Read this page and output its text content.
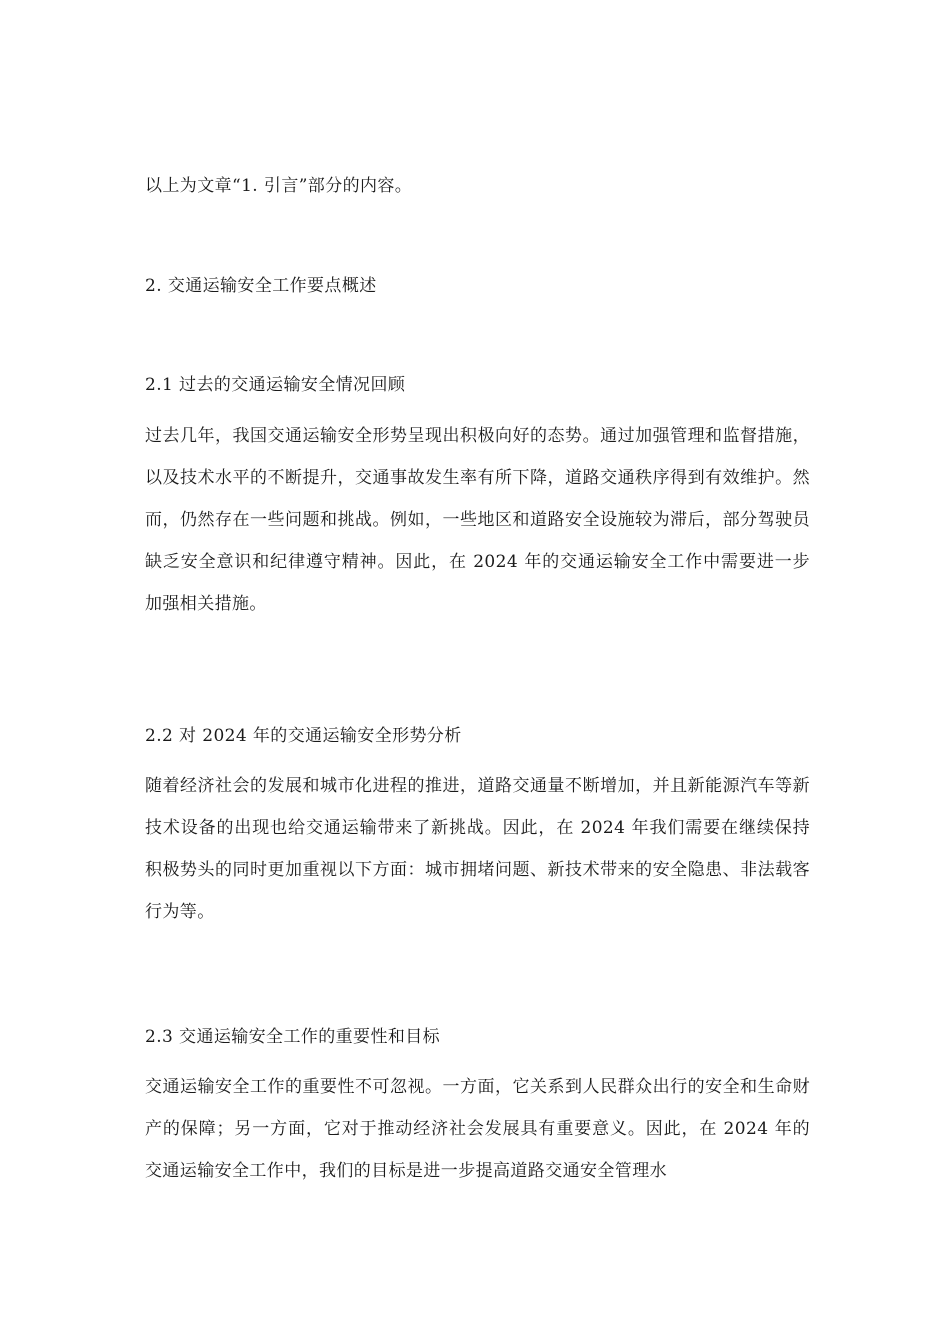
以上为文章“1. 引言”部分的内容。
2. 交通运输安全工作要点概述
2.1 过去的交通运输安全情况回顾
过去几年，我国交通运输安全形势呈现出积极向好的态势。通过加强管理和监督措施，以及技术水平的不断提升，交通事故发生率有所下降，道路交通秩序得到有效维护。然而，仍然存在一些问题和挑战。例如，一些地区和道路安全设施较为滞后，部分驾驶员缺乏安全意识和纪律遵守精神。因此，在 2024 年的交通运输安全工作中需要进一步加强相关措施。
2.2 对 2024 年的交通运输安全形势分析
随着经济社会的发展和城市化进程的推进，道路交通量不断增加，并且新能源汽车等新技术设备的出现也给交通运输带来了新挑战。因此，在 2024 年我们需要在继续保持积极势头的同时更加重视以下方面：城市拥堵问题、新技术带来的安全隐患、非法载客行为等。
2.3 交通运输安全工作的重要性和目标
交通运输安全工作的重要性不可忽视。一方面，它关系到人民群众出行的安全和生命财产的保障；另一方面，它对于推动经济社会发展具有重要意义。因此，在 2024 年的交通运输安全工作中，我们的目标是进一步提高道路交通安全管理水
